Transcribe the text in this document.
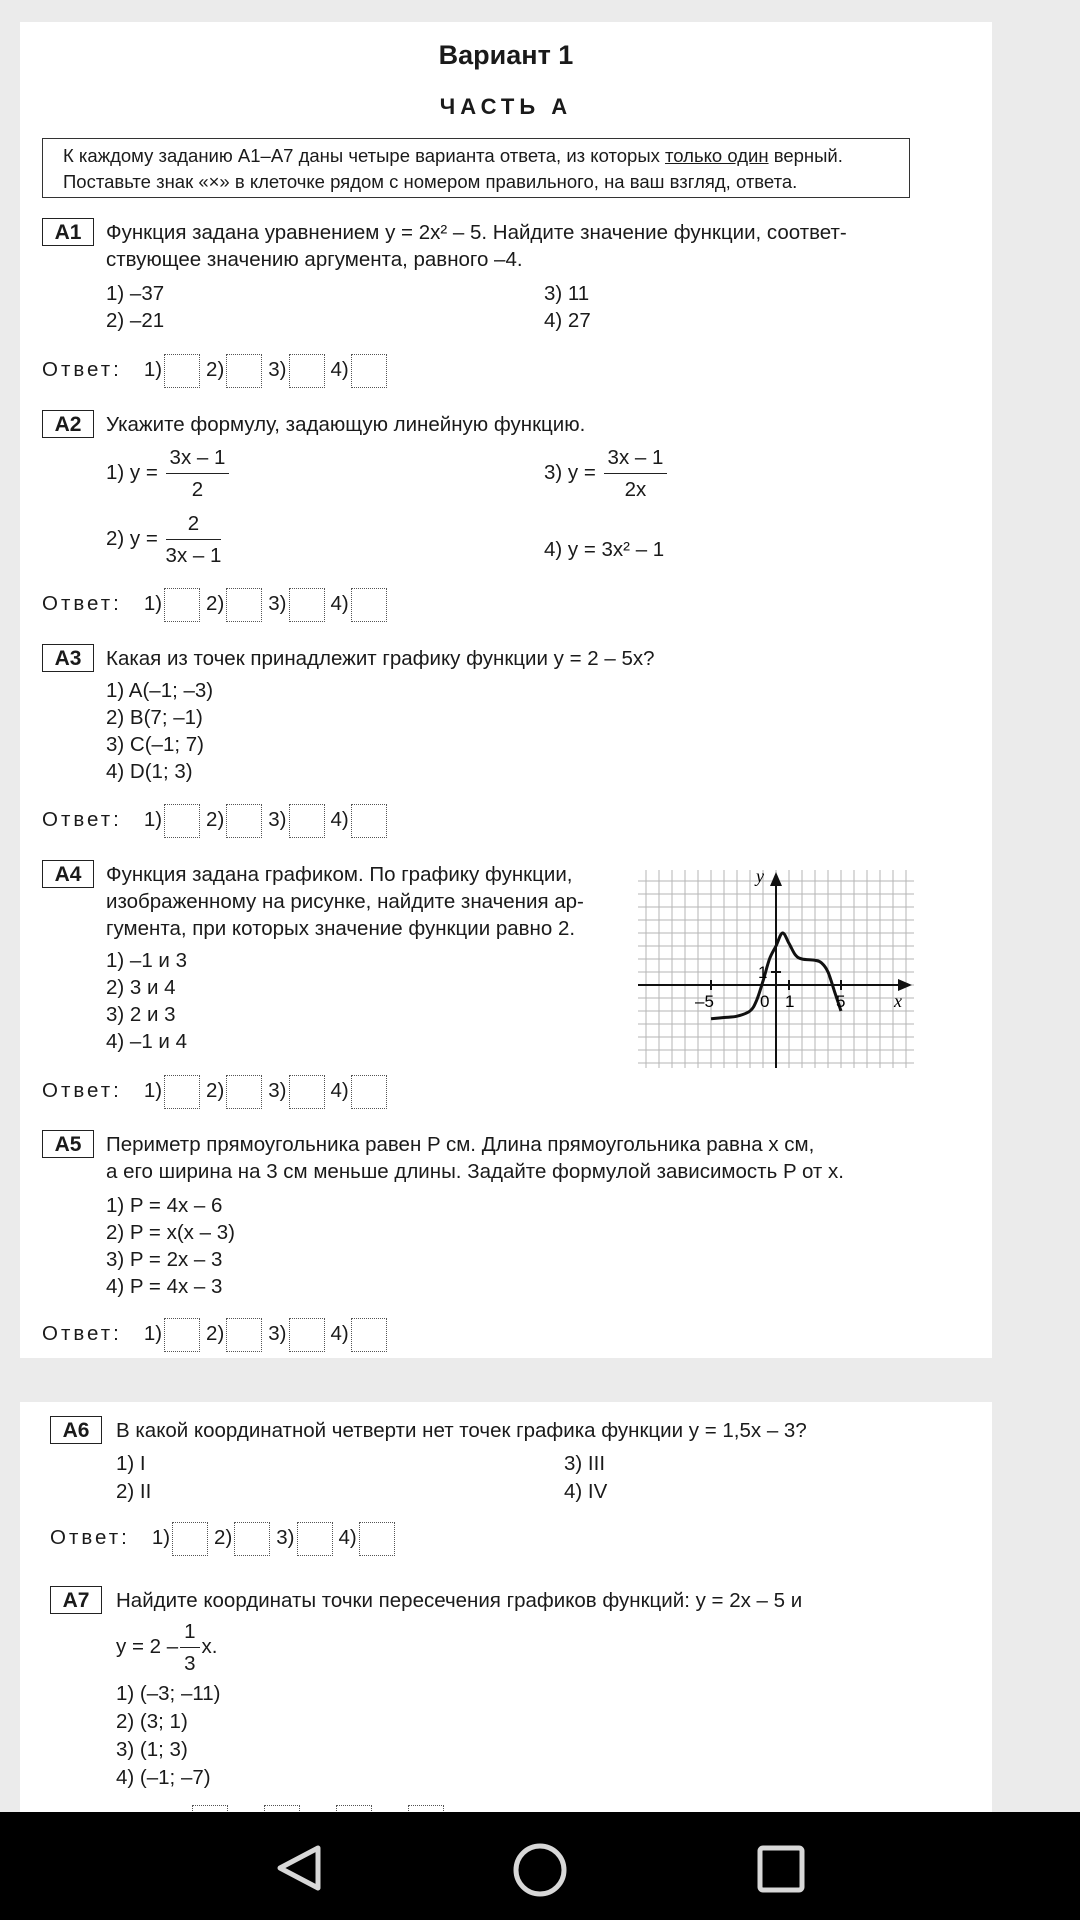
Вариант 1
ЧАСТЬ А
К каждому заданию А1–А7 даны четыре варианта ответа, из которых только один верный.
Поставьте знак «×» в клеточке рядом с номером правильного, на ваш взгляд, ответа.
А1	Функция задана уравнением y = 2x² – 5. Найдите значение функции, соответ-
ствующее значению аргумента, равного –4.
1) –37
2) –21
3) 11
4) 27
Ответ: 1) 2) 3) 4)
А2	Укажите формулу, задающую линейную функцию.
1) $y = \frac{3x - 1}{2}$
2) $y = \frac{2}{3x - 1}$
3) $y = \frac{3x - 1}{2x}$
4) y = 3x² – 1
Ответ: 1) 2) 3) 4)
А3	Какая из точек принадлежит графику функции y = 2 – 5x?
1) A(–1; –3)
2) B(7; –1)
3) C(–1; 7)
4) D(1; 3)
Ответ: 1) 2) 3) 4)
А4	Функция задана графиком. По графику функции,
изображенному на рисунке, найдите значения ар-
гумента, при которых значение функции равно 2.
1) –1 и 3
2) 3 и 4
3) 2 и 3
4) –1 и 4
y
x
–5	0 1 5
1
Ответ: 1) 2) 3) 4)
А5	Периметр прямоугольника равен P см. Длина прямоугольника равна x см,
а его ширина на 3 см меньше длины. Задайте формулой зависимость P от x.
1) P = 4x – 6
2) P = x(x – 3)
3) P = 2x – 3
4) P = 4x – 3
Ответ: 1) 2) 3) 4)
А6	В какой координатной четверти нет точек графика функции y = 1,5x – 3?
1) I
2) II
3) III
4) IV
Ответ: 1) 2) 3) 4)
А7	Найдите координаты точки пересечения графиков функций: y = 2x – 5 и
$y = 2 - \frac{1}{3} x$.
1) (–3; –11)
2) (3; 1)
3) (1; 3)
4) (–1; –7)
